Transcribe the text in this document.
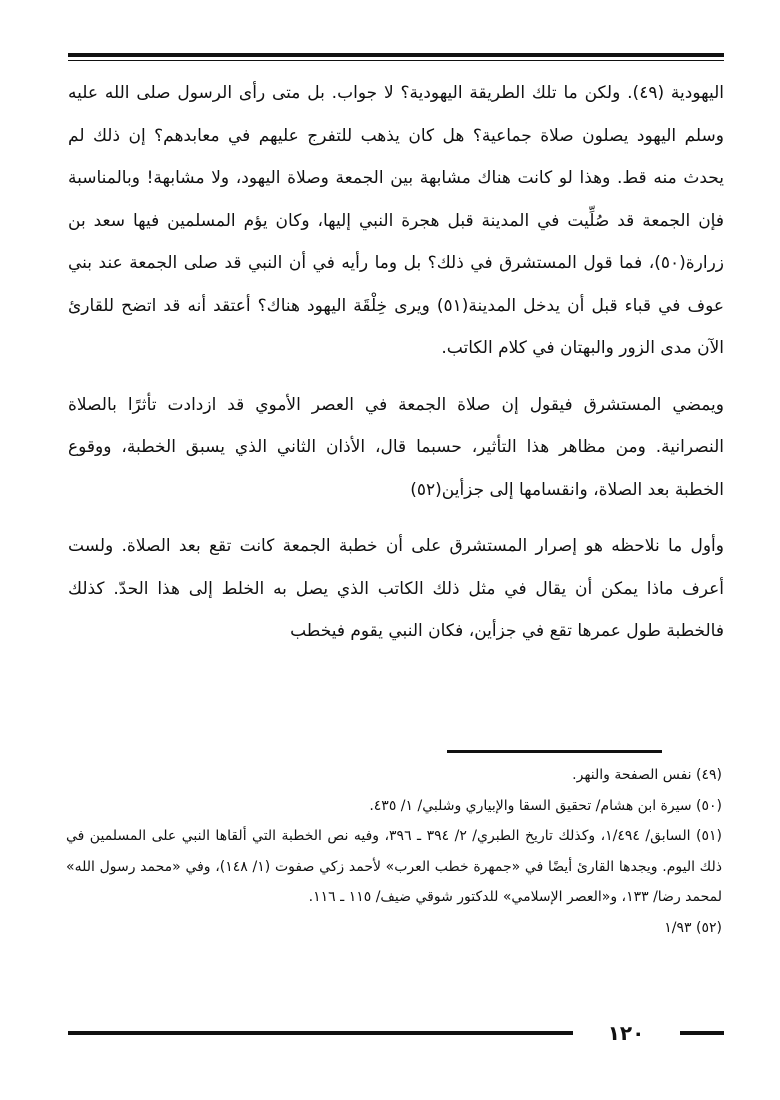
اليهودية (٤٩). ولكن ما تلك الطريقة اليهودية؟ لا جواب. بل متى رأى الرسول صلى الله عليه وسلم اليهود يصلون صلاة جماعية؟ هل كان يذهب للتفرج عليهم في معابدهم؟ إن ذلك لم يحدث منه قط. وهذا لو كانت هناك مشابهة بين الجمعة وصلاة اليهود، ولا مشابهة! وبالمناسبة فإن الجمعة قد صُلِّيت في المدينة قبل هجرة النبي إليها، وكان يؤم المسلمين فيها سعد بن زرارة(٥٠)، فما قول المستشرق في ذلك؟ بل وما رأيه في أن النبي قد صلى الجمعة عند بني عوف في قباء قبل أن يدخل المدينة(٥١) ويرى خِلْقَة اليهود هناك؟ أعتقد أنه قد اتضح للقارئ الآن مدى الزور والبهتان في كلام الكاتب.

ويمضي المستشرق فيقول إن صلاة الجمعة في العصر الأموي قد ازدادت تأثرًا بالصلاة النصرانية. ومن مظاهر هذا التأثير، حسبما قال، الأذان الثاني الذي يسبق الخطبة، ووقوع الخطبة بعد الصلاة، وانقسامها إلى جزأين(٥٢)

وأول ما نلاحظه هو إصرار المستشرق على أن خطبة الجمعة كانت تقع بعد الصلاة. ولست أعرف ماذا يمكن أن يقال في مثل ذلك الكاتب الذي يصل به الخلط إلى هذا الحدّ. كذلك فالخطبة طول عمرها تقع في جزأين، فكان النبي يقوم فيخطب

(٤٩) نفس الصفحة والنهر.

(٥٠) سيرة ابن هشام/ تحقيق السقا والإبياري وشلبي/ ١/ ٤٣٥.

(٥١) السابق/ ١/٤٩٤، وكذلك تاريخ الطبري/ ٢/ ٣٩٤ ـ ٣٩٦، وفيه نص الخطبة التي ألقاها النبي على المسلمين في ذلك اليوم. ويجدها القارئ أيضًا في «جمهرة خطب العرب» لأحمد زكي صفوت (١/ ١٤٨)، وفي «محمد رسول الله» لمحمد رضا/ ١٣٣، و«العصر الإسلامي» للدكتور شوقي ضيف/ ١١٥ ـ ١١٦.

(٥٢) ١/٩٣

١٢٠
